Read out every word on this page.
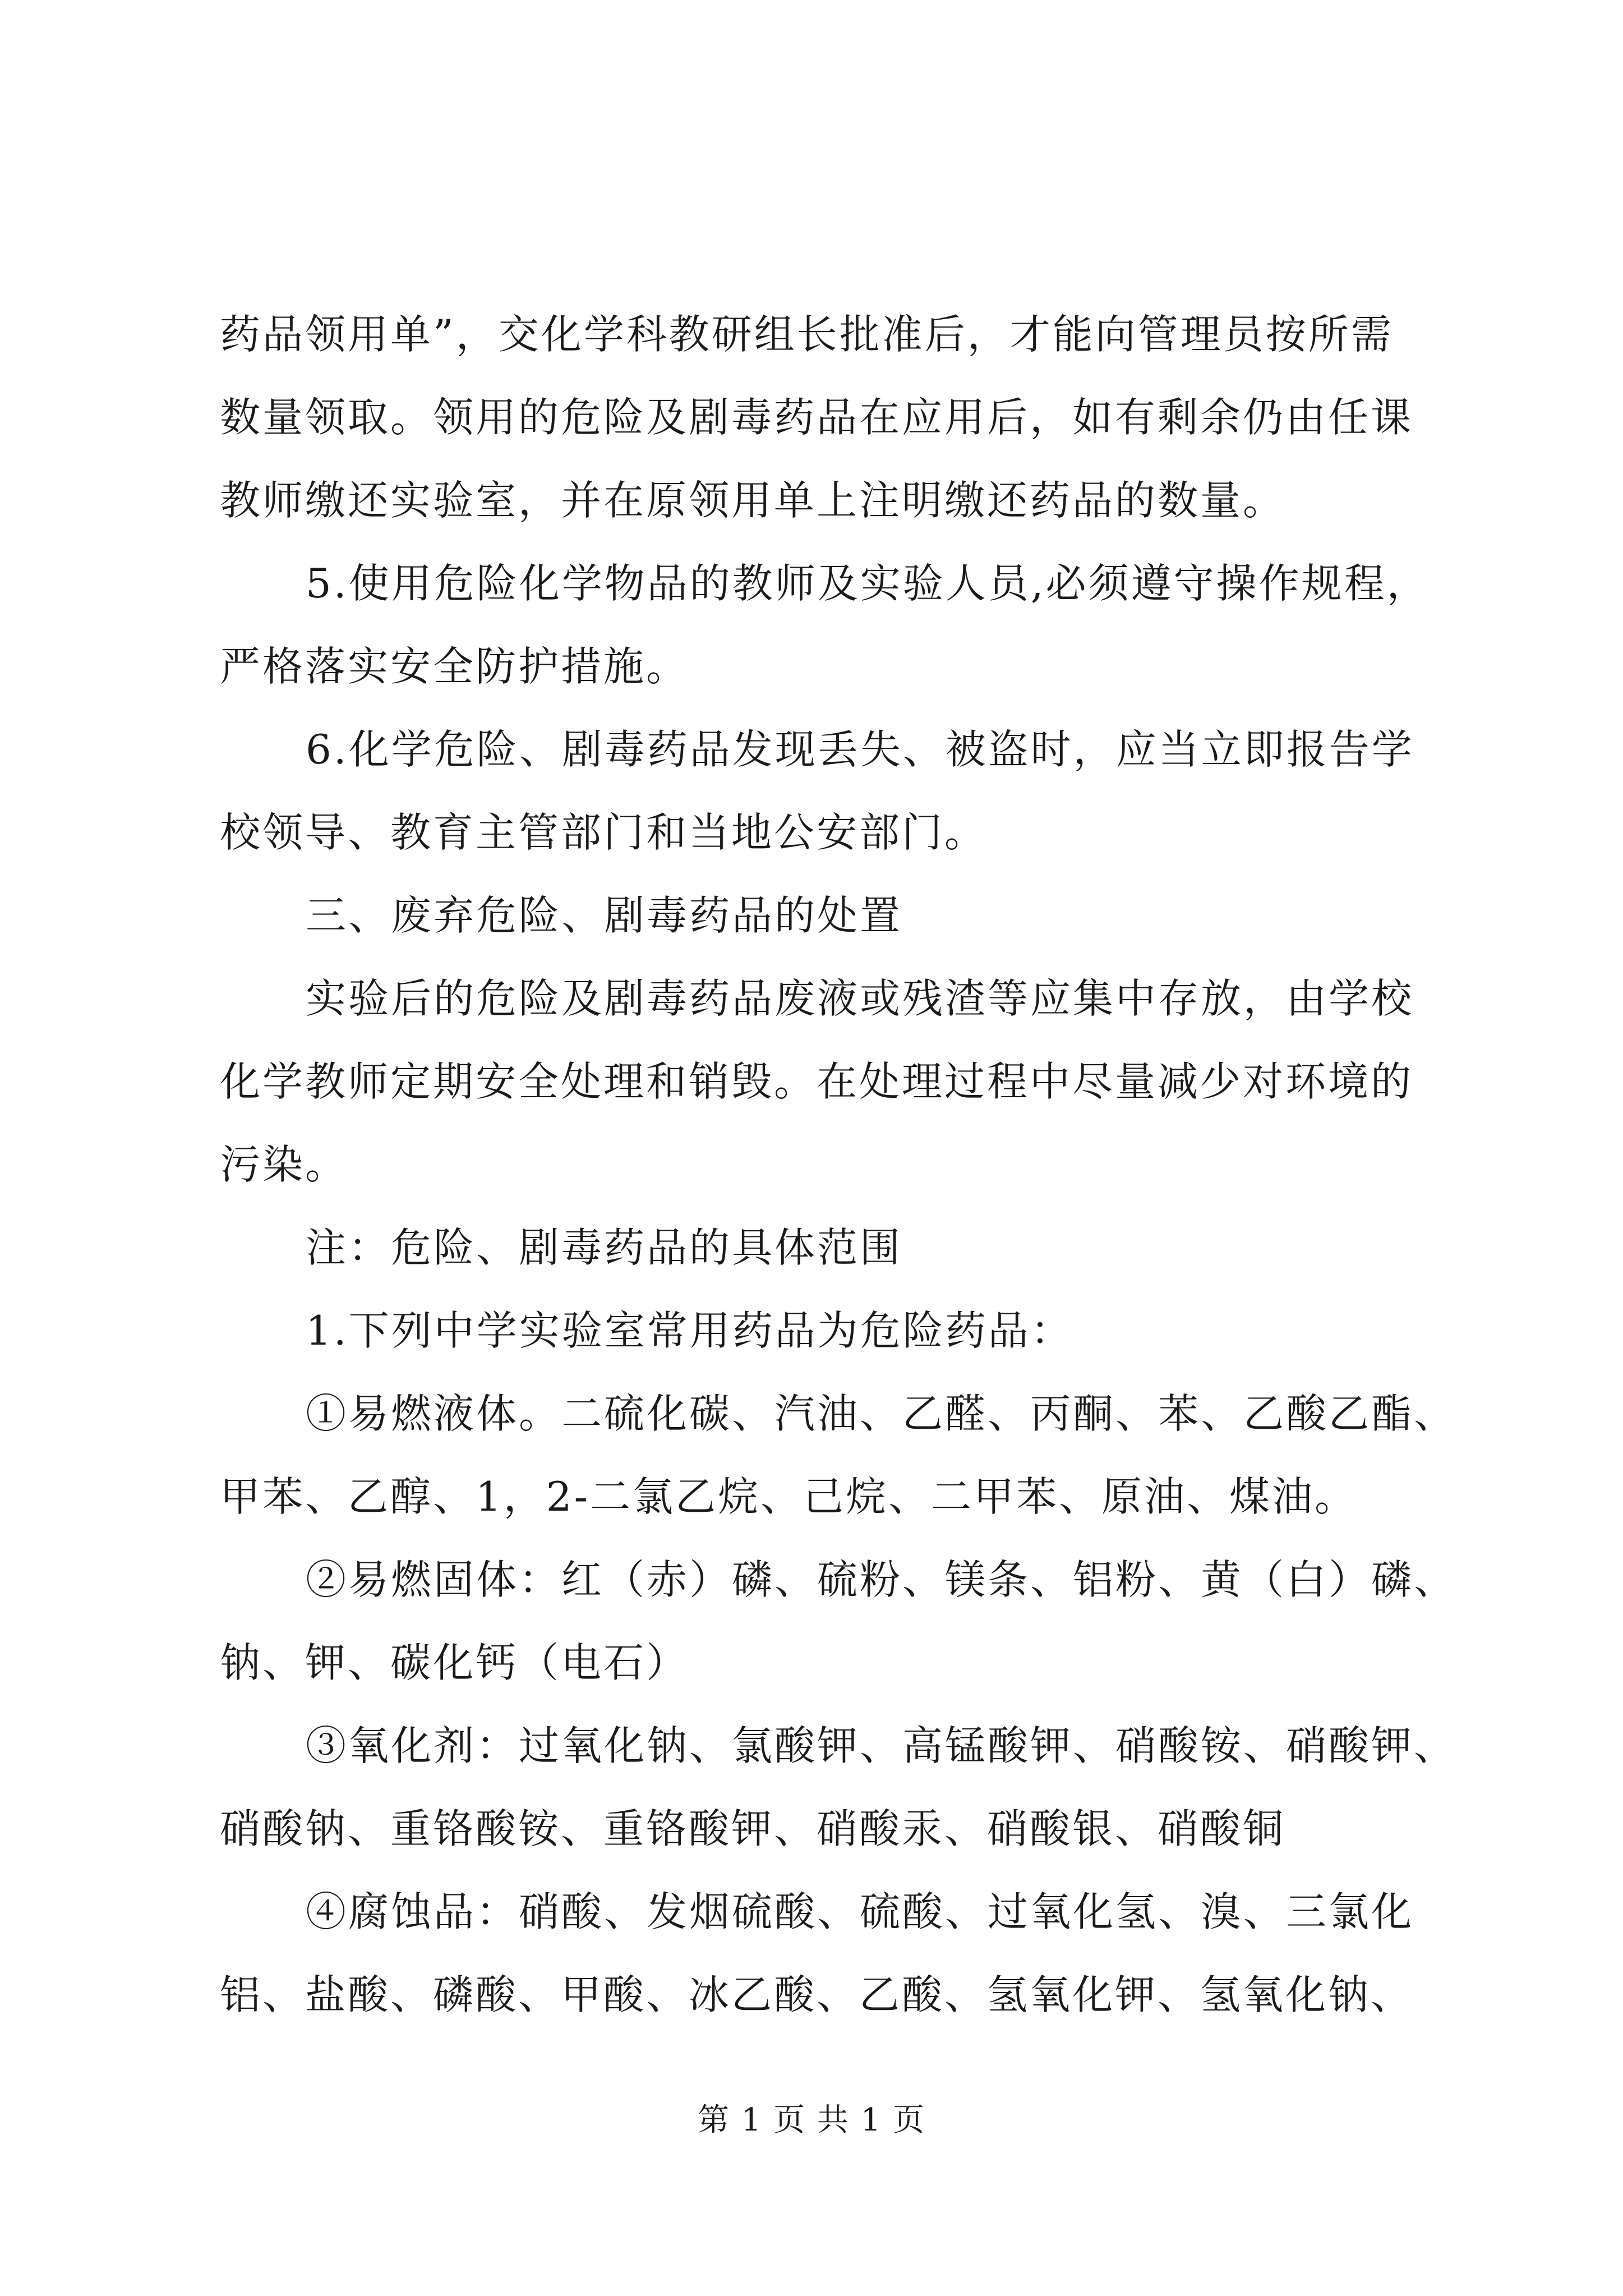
药品领用单”，交化学科教研组长批准后，才能向管理员按所需
数量领取。领用的危险及剧毒药品在应用后，如有剩余仍由任课
教师缴还实验室，并在原领用单上注明缴还药品的数量。
5.使用危险化学物品的教师及实验人员,必须遵守操作规程，
严格落实安全防护措施。
6.化学危险、剧毒药品发现丢失、被盗时，应当立即报告学
校领导、教育主管部门和当地公安部门。
三、废弃危险、剧毒药品的处置
实验后的危险及剧毒药品废液或残渣等应集中存放，由学校
化学教师定期安全处理和销毁。在处理过程中尽量减少对环境的
污染。
注：危险、剧毒药品的具体范围
1.下列中学实验室常用药品为危险药品：
①易燃液体。二硫化碳、汽油、乙醛、丙酮、苯、乙酸乙酯、
甲苯、乙醇、1，2-二氯乙烷、己烷、二甲苯、原油、煤油。
②易燃固体：红（赤）磷、硫粉、镁条、铝粉、黄（白）磷、
钠、钾、碳化钙（电石）
③氧化剂：过氧化钠、氯酸钾、高锰酸钾、硝酸铵、硝酸钾、
硝酸钠、重铬酸铵、重铬酸钾、硝酸汞、硝酸银、硝酸铜
④腐蚀品：硝酸、发烟硫酸、硫酸、过氧化氢、溴、三氯化
铝、盐酸、磷酸、甲酸、冰乙酸、乙酸、氢氧化钾、氢氧化钠、
第 1 页 共 1 页
